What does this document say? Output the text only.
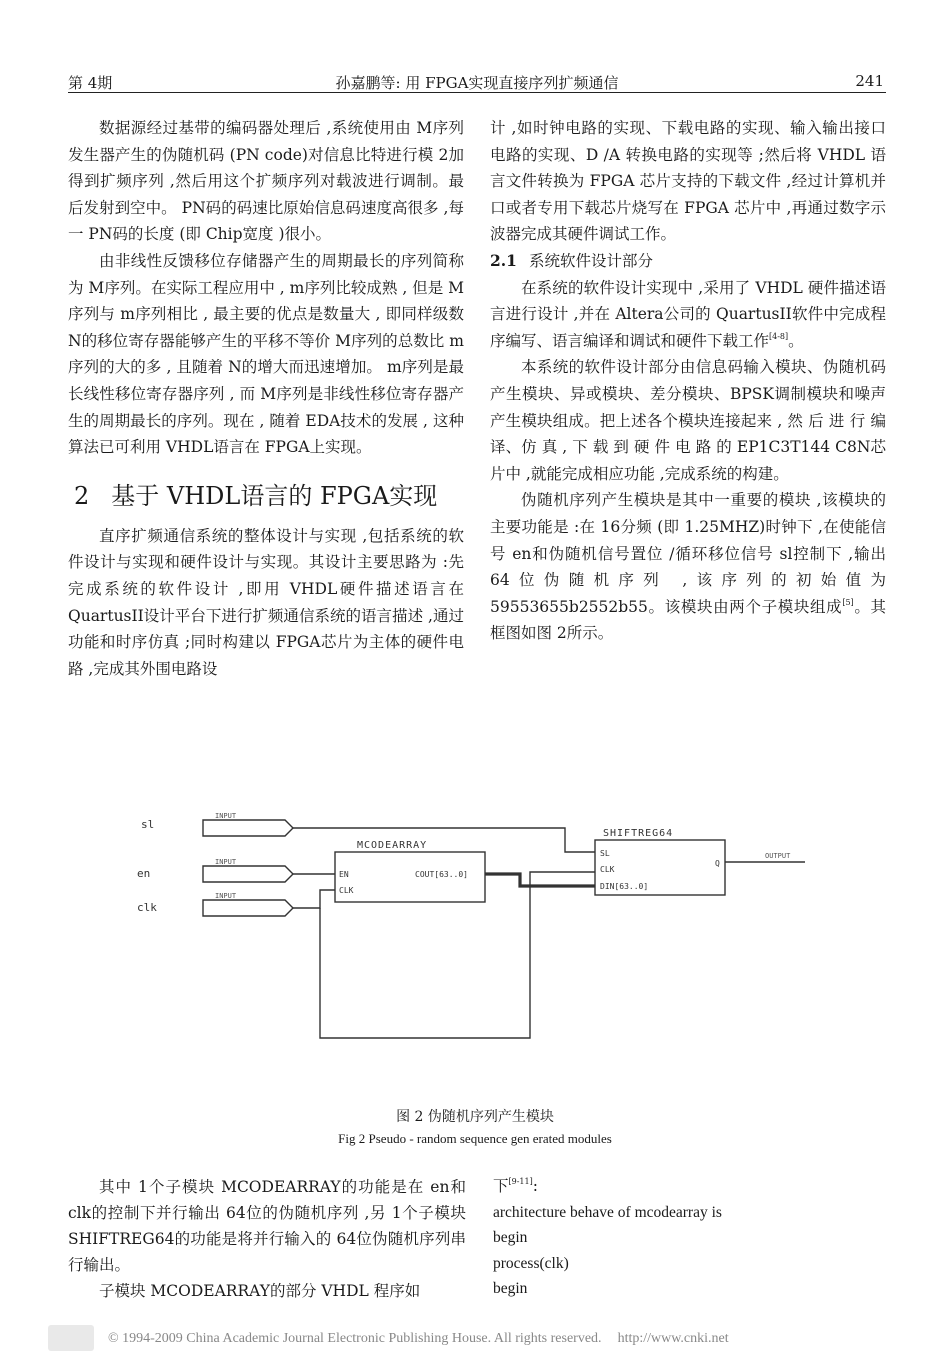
第 4期	孙嘉鹏等: 用 FPGA实现直接序列扩频通信	241

数据源经过基带的编码器处理后 ,系统使用由 M序列发生器产生的伪随机码 (PN code)对信息比特进行模 2加得到扩频序列 ,然后用这个扩频序列对载波进行调制。最后发射到空中。 PN码的码速比原始信息码速度高很多 ,每一 PN码的长度 (即 Chip宽度 )很小。

由非线性反馈移位存储器产生的周期最长的序列简称为 M序列。在实际工程应用中 , m序列比较成熟 , 但是 M序列与 m序列相比 , 最主要的优点是数量大 , 即同样级数 N的移位寄存器能够产生的平移不等价 M序列的总数比 m序列的大的多 , 且随着 N的增大而迅速增加。 m序列是最长线性移位寄存器序列 , 而 M序列是非线性移位寄存器产生的周期最长的序列。现在 , 随着 EDA技术的发展 , 这种算法已可利用 VHDL语言在 FPGA上实现。

2 基于 VHDL语言的 FPGA实现

直序扩频通信系统的整体设计与实现 ,包括系统的软件设计与实现和硬件设计与实现。其设计主要思路为 :先完成系统的软件设计 ,即用 VHDL硬件描述语言在 QuartusII设计平台下进行扩频通信系统的语言描述 ,通过功能和时序仿真 ;同时构建以 FPGA芯片为主体的硬件电路 ,完成其外围电路设

计 ,如时钟电路的实现、下载电路的实现、输入输出接口电路的实现、D /A 转换电路的实现等 ;然后将 VHDL 语言文件转换为 FPGA 芯片支持的下载文件 ,经过计算机并口或者专用下载芯片烧写在 FPGA 芯片中 ,再通过数字示波器完成其硬件调试工作。

2.1 系统软件设计部分

在系统的软件设计实现中 ,采用了 VHDL 硬件描述语言进行设计 ,并在 Altera公司的 QuartusII软件中完成程序编写、语言编译和调试和硬件下载工作[4-8]。

本系统的软件设计部分由信息码输入模块、伪随机码产生模块、异或模块、差分模块、BPSK调制模块和噪声产生模块组成。把上述各个模块连接起来 , 然 后 进 行 编 译、仿 真 , 下 载 到 硬 件 电 路 的 EP1C3T144 C8N芯片中 ,就能完成相应功能 ,完成系统的构建。

伪随机序列产生模块是其中一重要的模块 ,该模块的主要功能是 :在 16分频 (即 1.25MHZ)时钟下 ,在使能信号 en和伪随机信号置位 /循环移位信号 sl控制下 ,输出 64位伪随机序列 ,该序列的初始值为 59553655b2552b55。该模块由两个子模块组成[5]。其框图如图 2所示。

sl
en
clk
INPUT
INPUT
INPUT
MCODEARRAY
EN
CLK
COUT[63..0]
SHIFTREG64
SL
CLK
DIN[63..0]
Q
OUTPUT
图 2 伪随机序列产生模块
Fig 2 Pseudo - random sequence gen erated modules

其中 1个子模块 MCODEARRAY的功能是在 en和 clk的控制下并行输出 64位的伪随机序列 ,另 1个子模块 SHIFTREG64的功能是将并行输入的 64位伪随机序列串行输出。

子模块 MCODEARRAY的部分 VHDL 程序如

下[9-11]:
architecture behave of mcodearray is
begin
process(clk)
begin
© 1994-2009 China Academic Journal Electronic Publishing House. All rights reserved. http://www.cnki.net
